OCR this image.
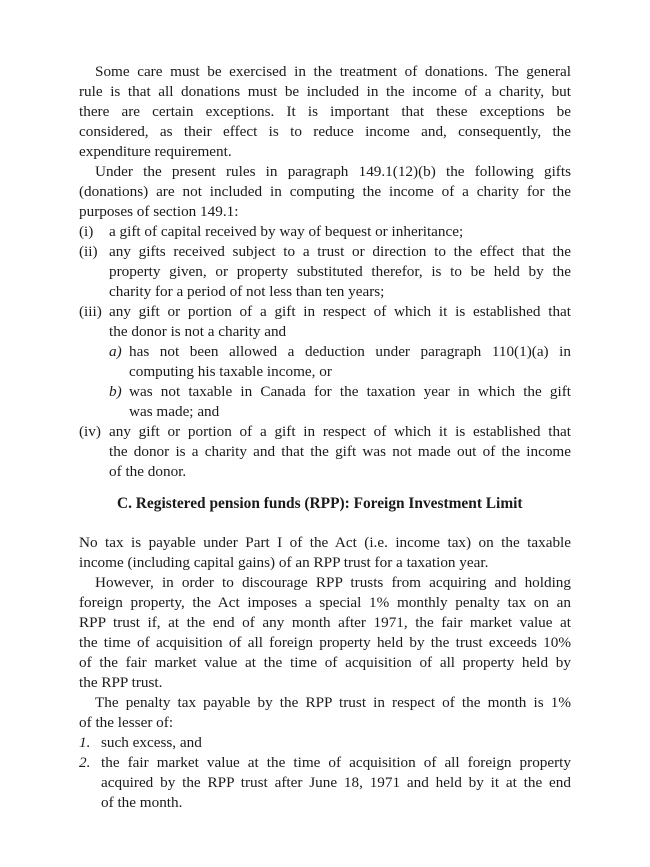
Some care must be exercised in the treatment of donations. The general
rule is that all donations must be included in the income of a charity, but
there are certain exceptions. It is important that these exceptions be
considered, as their effect is to reduce income and, consequently, the
expenditure requirement.
Under the present rules in paragraph 149.1(12)(b) the following gifts
(donations) are not included in computing the income of a charity for the
purposes of section 149.1:
(i)	a gift of capital received by way of bequest or inheritance;
(ii) any gifts received subject to a trust or direction to the effect that the
property given, or property substituted therefor, is to be held by the
charity for a period of not less than ten years;
(iii) any gift or portion of a gift in respect of which it is established that
the donor is not a charity and
a) has not been allowed a deduction under paragraph 110(1)(a) in
computing his taxable income, or
b) was not taxable in Canada for the taxation year in which the gift
was made; and
(iv) any gift or portion of a gift in respect of which it is established that
the donor is a charity and that the gift was not made out of the income
of the donor.
C. Registered pension funds (RPP): Foreign Investment Limit
No tax is payable under Part I of the Act (i.e. income tax) on the taxable
income (including capital gains) of an RPP trust for a taxation year.
However, in order to discourage RPP trusts from acquiring and holding
foreign property, the Act imposes a special 1% monthly penalty tax on an
RPP trust if, at the end of any month after 1971, the fair market value at
the time of acquisition of all foreign property held by the trust exceeds 10%
of the fair market value at the time of acquisition of all property held by
the RPP trust.
The penalty tax payable by the RPP trust in respect of the month is 1%
of the lesser of:
1. such excess, and
2. the fair market value at the time of acquisition of all foreign property
acquired by the RPP trust after June 18, 1971 and held by it at the end
of the month.
